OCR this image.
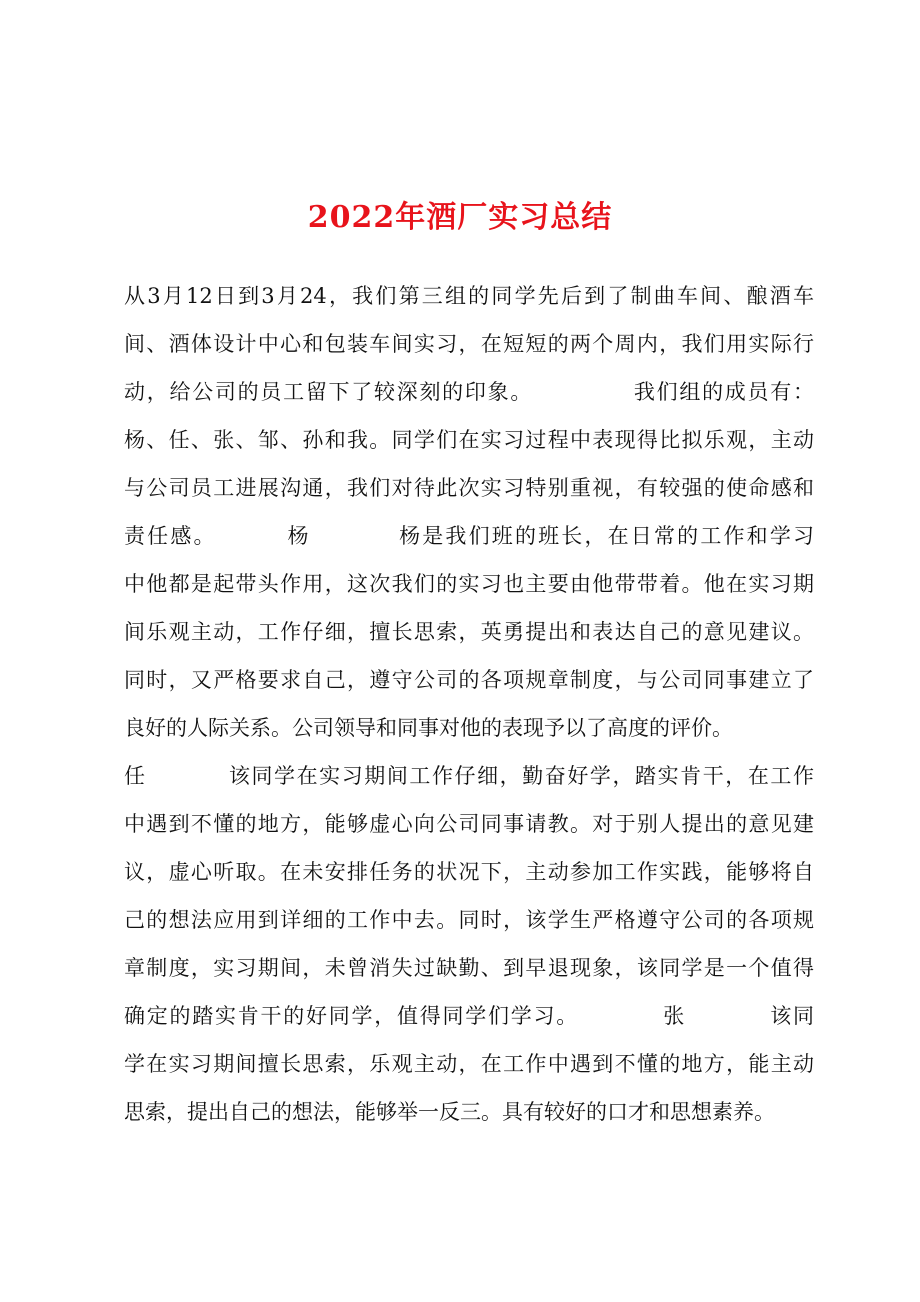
2022年酒厂实习总结
从3月12日到3月24，我们第三组的同学先后到了制曲车间、酿酒车
间、酒体设计中心和包装车间实习，在短短的两个周内，我们用实际行
动，给公司的员工留下了较深刻的印象。            我们组的成员有：
杨、任、张、邹、孙和我。同学们在实习过程中表现得比拟乐观，主动
与公司员工进展沟通，我们对待此次实习特别重视，有较强的使命感和
责任感。        杨          杨是我们班的班长，在日常的工作和学习
中他都是起带头作用，这次我们的实习也主要由他带带着。他在实习期
间乐观主动，工作仔细，擅长思索，英勇提出和表达自己的意见建议。
同时，又严格要求自己，遵守公司的各项规章制度，与公司同事建立了
良好的人际关系。公司领导和同事对他的表现予以了高度的评价。
任          该同学在实习期间工作仔细，勤奋好学，踏实肯干，在工作
中遇到不懂的地方，能够虚心向公司同事请教。对于别人提出的意见建
议，虚心听取。在未安排任务的状况下，主动参加工作实践，能够将自
己的想法应用到详细的工作中去。同时，该学生严格遵守公司的各项规
章制度，实习期间，未曾消失过缺勤、到早退现象，该同学是一个值得
确定的踏实肯干的好同学，值得同学们学习。          张          该同
学在实习期间擅长思索，乐观主动，在工作中遇到不懂的地方，能主动
思索，提出自己的想法，能够举一反三。具有较好的口才和思想素养。
